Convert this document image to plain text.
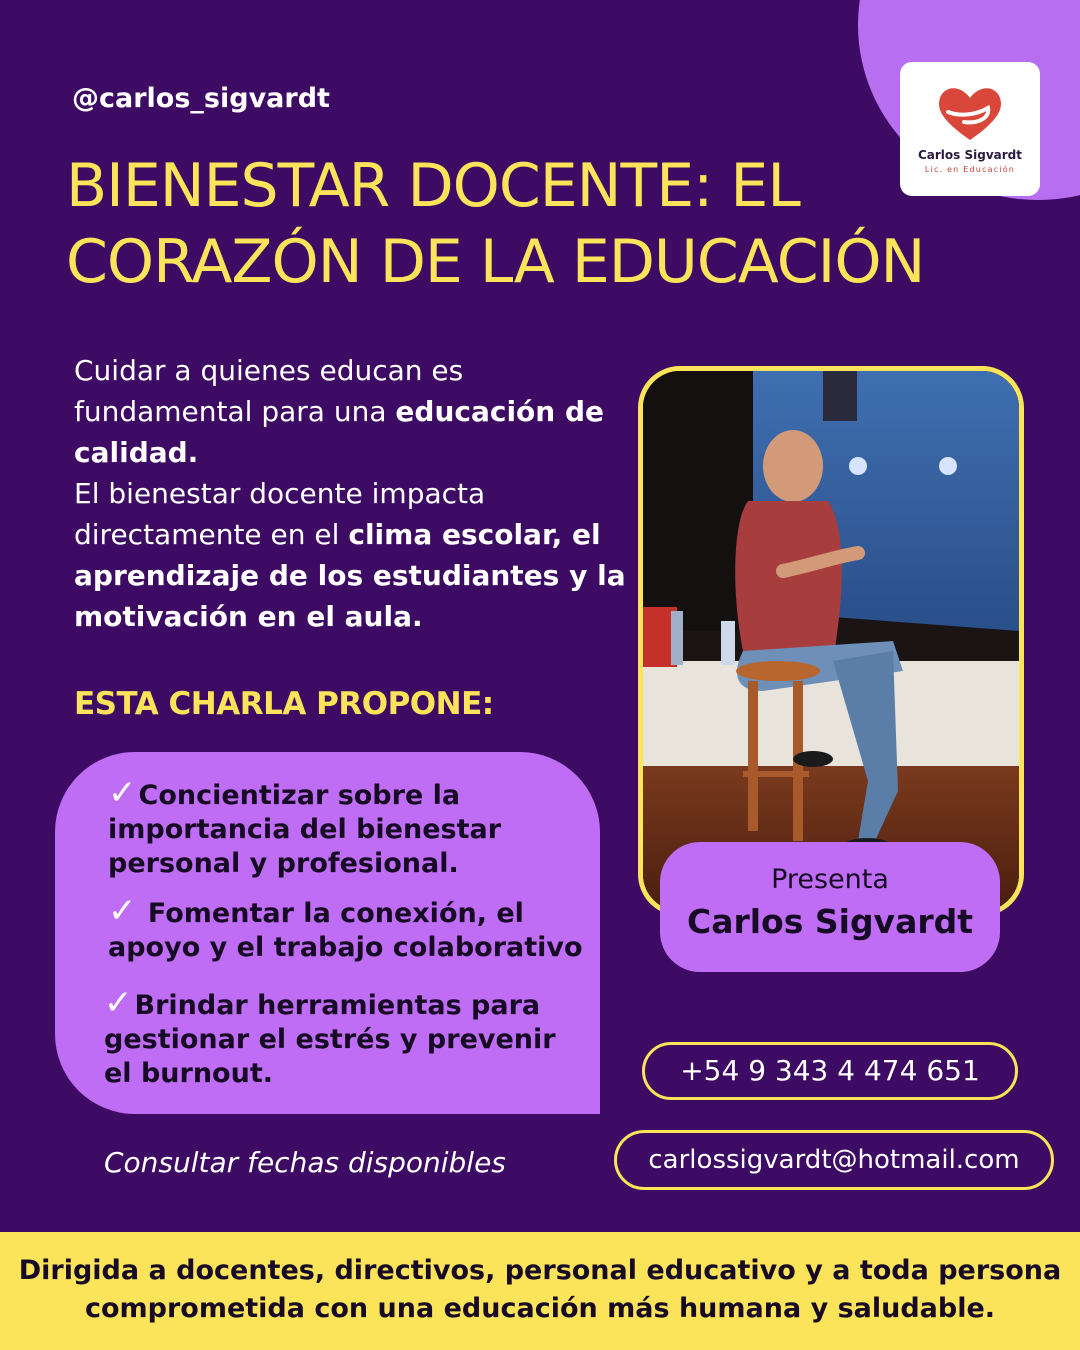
Carlos Sigvardt
Lic. en Educación
@carlos_sigvardt
BIENESTAR DOCENTE: EL
CORAZÓN DE LA EDUCACIÓN
Cuidar a quienes educan es fundamental para una educación de calidad.
El bienestar docente impacta directamente en el clima escolar, el aprendizaje de los estudiantes y la motivación en el aula.
ESTA CHARLA PROPONE:
✓Concientizar sobre la
importancia del bienestar
personal y profesional.
✓ Fomentar la conexión, el
apoyo y el trabajo colaborativo
✓Brindar herramientas para
gestionar el estrés y prevenir
el burnout.
Consultar fechas disponibles
Presenta
Carlos Sigvardt
+54 9 343 4 474 651
carlossigvardt@hotmail.com
Dirigida a docentes, directivos, personal educativo y a toda persona
comprometida con una educación más humana y saludable.
